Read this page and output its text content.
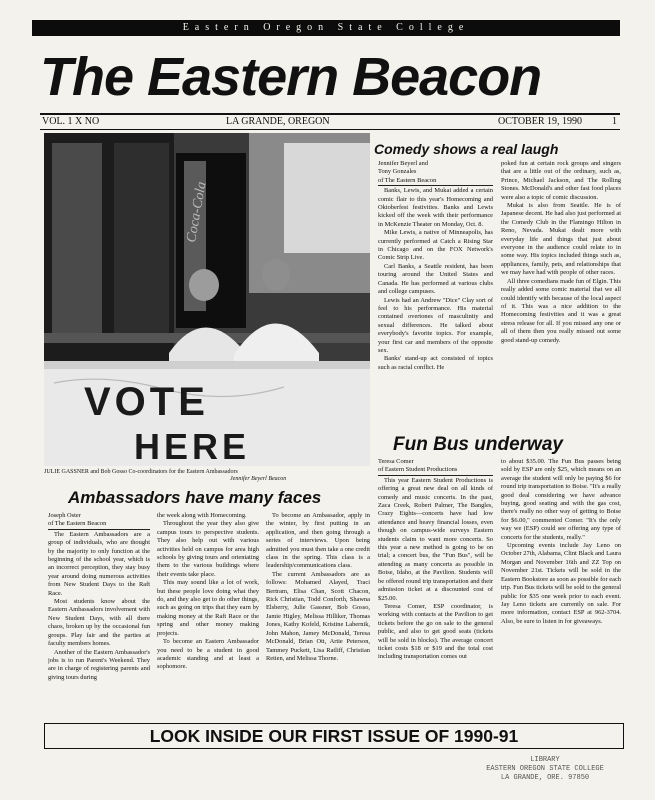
Eastern Oregon State College
The Eastern Beacon
VOL. 1 X NO	LA GRANDE, OREGON	OCTOBER 19, 1990	1
Coca-Cola
VOTE
HERE
JULIE GASSNER and Bob Gosso Co-coordinators for the Eastern Ambassadors
Jennifer Beyerl Beacon
Comedy shows a real laugh

Jennifer Beyerl and

Tony Gonzales

of The Eastern Beacon

Banks, Lewis, and Mukai added a certain comic flair to this year's Homecoming and Oktoberfest festivities. Banks and Lewis kicked off the week with their performance in McKenzie Theater on Monday, Oct. 8.

Mike Lewis, a native of Minneapolis, has currently performed at Catch a Rising Star in Chicago and on the FOX Network's Comic Strip Live.

Carl Banks, a Seattle resident, has been touring around the United States and Canada. He has performed at various clubs and college campuses.

Lewis had an Andrew "Dice" Clay sort of feel to his performance. His material contained overtones of masculinity and sexual differences. He talked about everybody's favorite topics. For example, your first car and members of the opposite sex.

Banks' stand-up act consisted of topics such as racial conflict. He

poked fun at certain rock groups and singers that are a little out of the ordinary, such as, Prince, Michael Jackson, and The Rolling Stones. McDonald's and other fast food places were also a topic of comic discussion.

Mukai is also from Seattle. He is of Japanese decent. He had also just performed at the Comedy Club in the Flamingo Hilton in Reno, Nevada. Mukai dealt more with everyday life and things that just about everyone in the audience could relate to in some way. His topics included things such as, appliances, family, pets, and relationships that we may have had with people of other races.

All three comedians made fun of Elgin. This really added some comic material that we all could identify with because of the local aspect of it. This was a nice addition to the Homecoming festivities and it was a great stress release for all. If you missed any one or all of them then you really missed out some good stand-up comedy.

Fun Bus underway

Teresa Comer

of Eastern Student Productions

This year Eastern Student Productions is offering a great new deal on all kinds of comedy and music concerts. In the past, Zaca Creek, Robert Palmer, The Bangles, Crazy Eights—concerts have had low attendance and heavy financial losses, even though on campus-wide surveys Eastern students claim to want more concerts. So this year a new method is going to be on trial; a concert bus, the "Fun Bus", will be attending as many concerts as possible in Boise, Idaho, at the Pavilion. Students will be offered round trip transportation and their admission ticket at a discounted cost of $25.00.

Teresa Comer, ESP coordinator, is working with contacts at the Pavilion to get tickets before the go on sale to the general public, and also to get good seats (tickets will be sold in blocks). The average concert ticket costs $18 or $19 and the total cost including transportation comes out

to about $35.00. The Fun Bus passes being sold by ESP are only $25, which means on an average the student will only be paying $6 for round trip transportation to Boise. "It's a really good deal considering we have advance buying, good seating and with the gas cost, there's really no other way of getting to Boise for $6.00," commented Comer. "It's the only way we (ESP) could see offering any type of concerts for the students, really."

Upcoming events include Jay Leno on October 27th, Alabama, Clint Black and Laura Morgan and November 16th and ZZ Top on November 21st. Tickets will be sold in the Eastern Bookstore as soon as possible for each trip. Fun Bus tickets will be sold to the general public for $35 one week prior to each event. Jay Leno tickets are currently on sale. For more information, contact ESP at 962-3704. Also, be sure to listen in for giveaways.

Ambassadors have many faces

Joseph Oster

of The Eastern Beacon

The Eastern Ambassadors are a group of individuals, who are thought by the majority to only function at the beginning of the school year, which is an incorrect perception, they stay busy year around doing numerous activities from New Student Days to the Raft Race.

Most students know about the Eastern Ambassadors involvement with New Student Days, with all there chaos, broken up by the occasional fun groups. Play fair and the parties at faculty members homes.

Another of the Eastern Ambassador's jobs is to run Parent's Weekend. They are in charge of registering parents and giving tours during

the week along with Homecoming.

Throughout the year they also give campus tours to perspective students. They also help out with various activities held on campus for area high schools by giving tours and orientating them to the various buildings where their events take place.

This may sound like a lot of work, but these people love doing what they do, and they also get to do other things, such as going on trips that they earn by making money at the Raft Race or the spring and other money making projects.

To become an Eastern Ambassador you need to be a student in good academic standing and at least a sophomore.

To become an Ambassador, apply in the winter, by first putting in an application, and then going through a series of interviews. Upon being admitted you must then take a one credit class in the spring. This class is a leadership/communications class.

The current Ambassadors are as follows: Mohamed Alayed, Traci Bertram, Elisa Chan, Scott Chacon, Rick Christian, Todd Conforth, Shawna Elsberry, Julie Gassner, Bob Gosso, Jamie Higley, Melissa Hilliker, Thomas Jones, Kathy Kofeld, Kristine Labernik, John Mahon, Jamey McDonald, Teresa McDonald, Brian Ott, Artie Peterson, Tammey Puckett, Lisa Ratliff, Christian Retien, and Melissa Thorne.

LOOK INSIDE OUR FIRST ISSUE OF 1990-91
LIBRARY
EASTERN OREGON STATE COLLEGE
LA GRANDE, ORE. 97850
